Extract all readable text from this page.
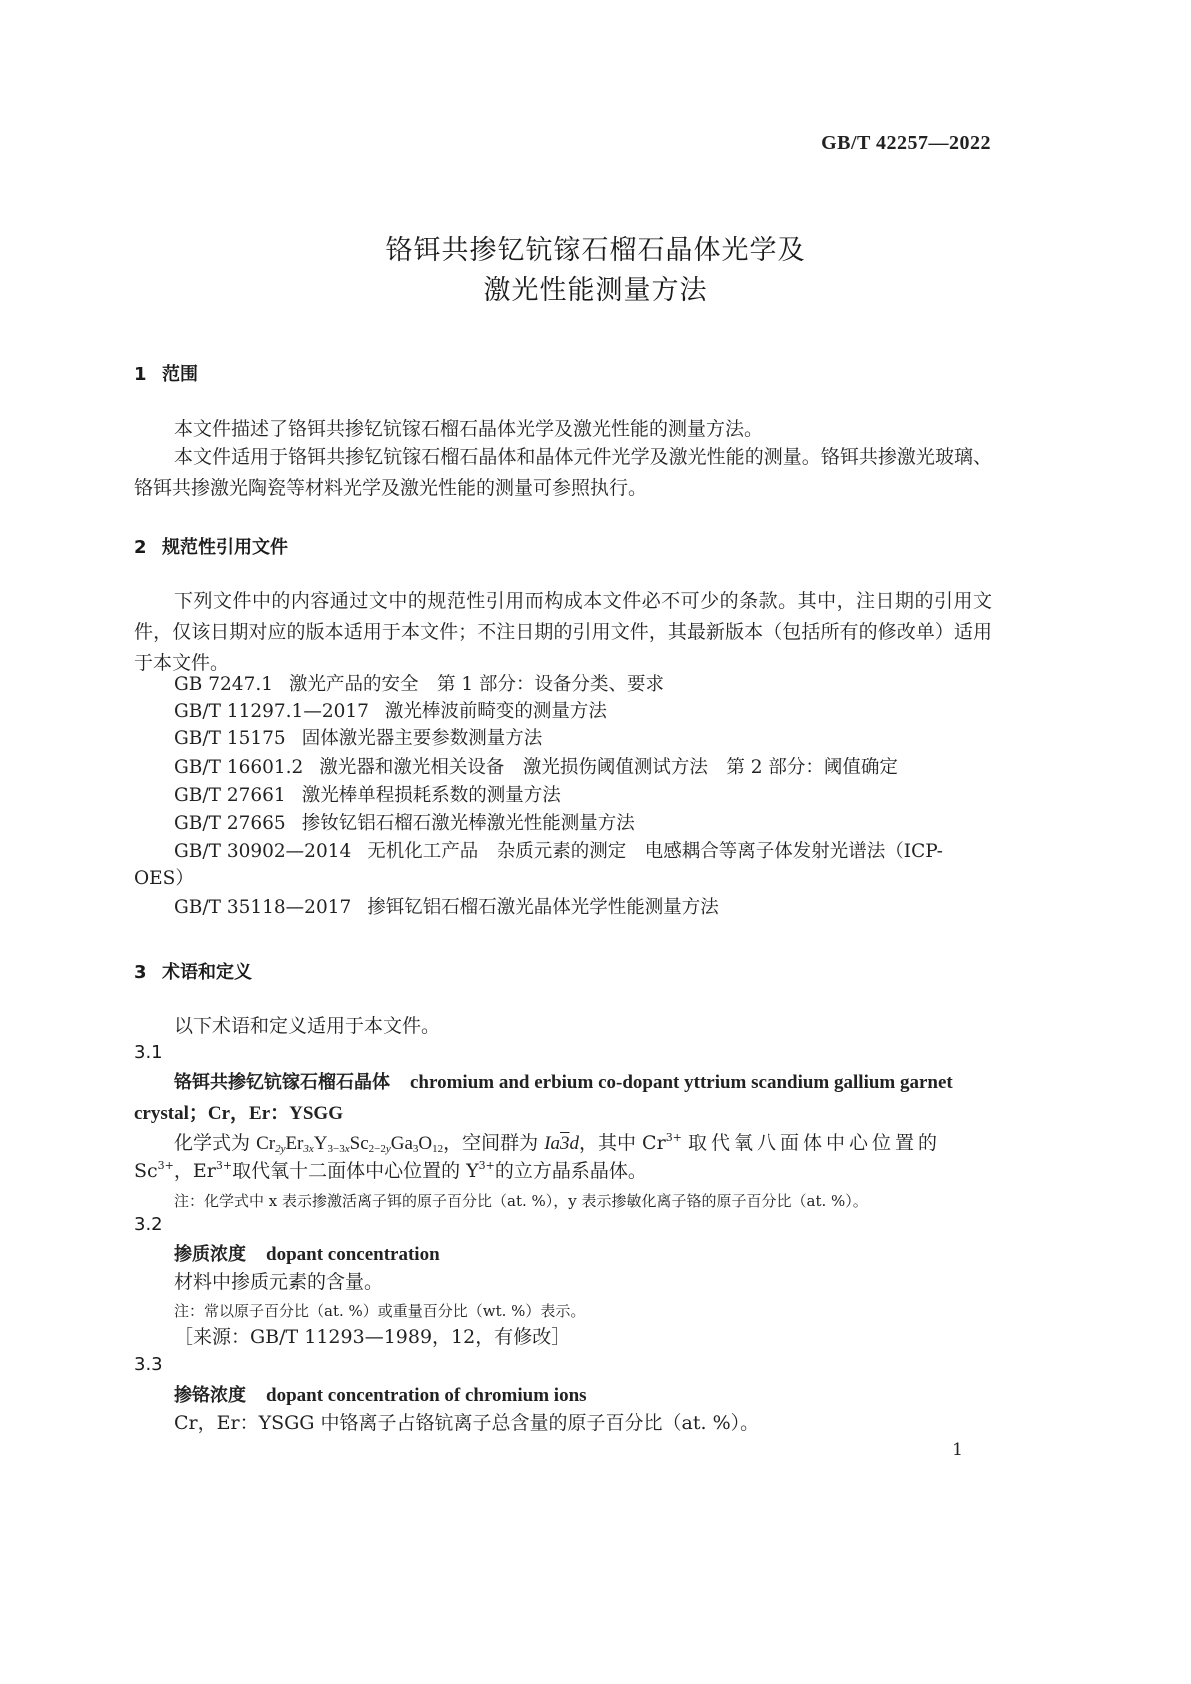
GB/T 42257—2022
铬铒共掺钇钪镓石榴石晶体光学及
激光性能测量方法
1 范围
本文件描述了铬铒共掺钇钪镓石榴石晶体光学及激光性能的测量方法。
本文件适用于铬铒共掺钇钪镓石榴石晶体和晶体元件光学及激光性能的测量。铬铒共掺激光玻璃、铬铒共掺激光陶瓷等材料光学及激光性能的测量可参照执行。
2 规范性引用文件
下列文件中的内容通过文中的规范性引用而构成本文件必不可少的条款。其中，注日期的引用文件，仅该日期对应的版本适用于本文件；不注日期的引用文件，其最新版本（包括所有的修改单）适用于本文件。
GB 7247.1 激光产品的安全　第 1 部分：设备分类、要求
GB/T 11297.1—2017 激光棒波前畸变的测量方法
GB/T 15175 固体激光器主要参数测量方法
GB/T 16601.2 激光器和激光相关设备　激光损伤阈值测试方法　第 2 部分：阈值确定
GB/T 27661 激光棒单程损耗系数的测量方法
GB/T 27665 掺钕钇铝石榴石激光棒激光性能测量方法
GB/T 30902—2014 无机化工产品　杂质元素的测定　电感耦合等离子体发射光谱法（ICP-
OES）
GB/T 35118—2017 掺铒钇铝石榴石激光晶体光学性能测量方法
3 术语和定义
以下术语和定义适用于本文件。
3.1
铬铒共掺钇钪镓石榴石晶体 chromium and erbium co-dopant yttrium scandium gallium garnet
crystal；Cr，Er：YSGG
化学式为 $Cr_{2y}Er_{3x}Y_{3-3x}Sc_{2-2y}Ga_3O_{12}$，空间群为 Ia3d，其中 $Cr^{3+}$ 取代氧八面体中心位置的
$Sc^{3+}$，$Er^{3+}$取代氧十二面体中心位置的 $Y^{3+}$的立方晶系晶体。
注：化学式中 x 表示掺激活离子铒的原子百分比（at. %），y 表示掺敏化离子铬的原子百分比（at. %）。
3.2
掺质浓度 dopant concentration
材料中掺质元素的含量。
注：常以原子百分比（at. %）或重量百分比（wt. %）表示。
［来源：GB/T 11293—1989，12，有修改］
3.3
掺铬浓度 dopant concentration of chromium ions
Cr，Er：YSGG 中铬离子占铬钪离子总含量的原子百分比（at. %）。
1
